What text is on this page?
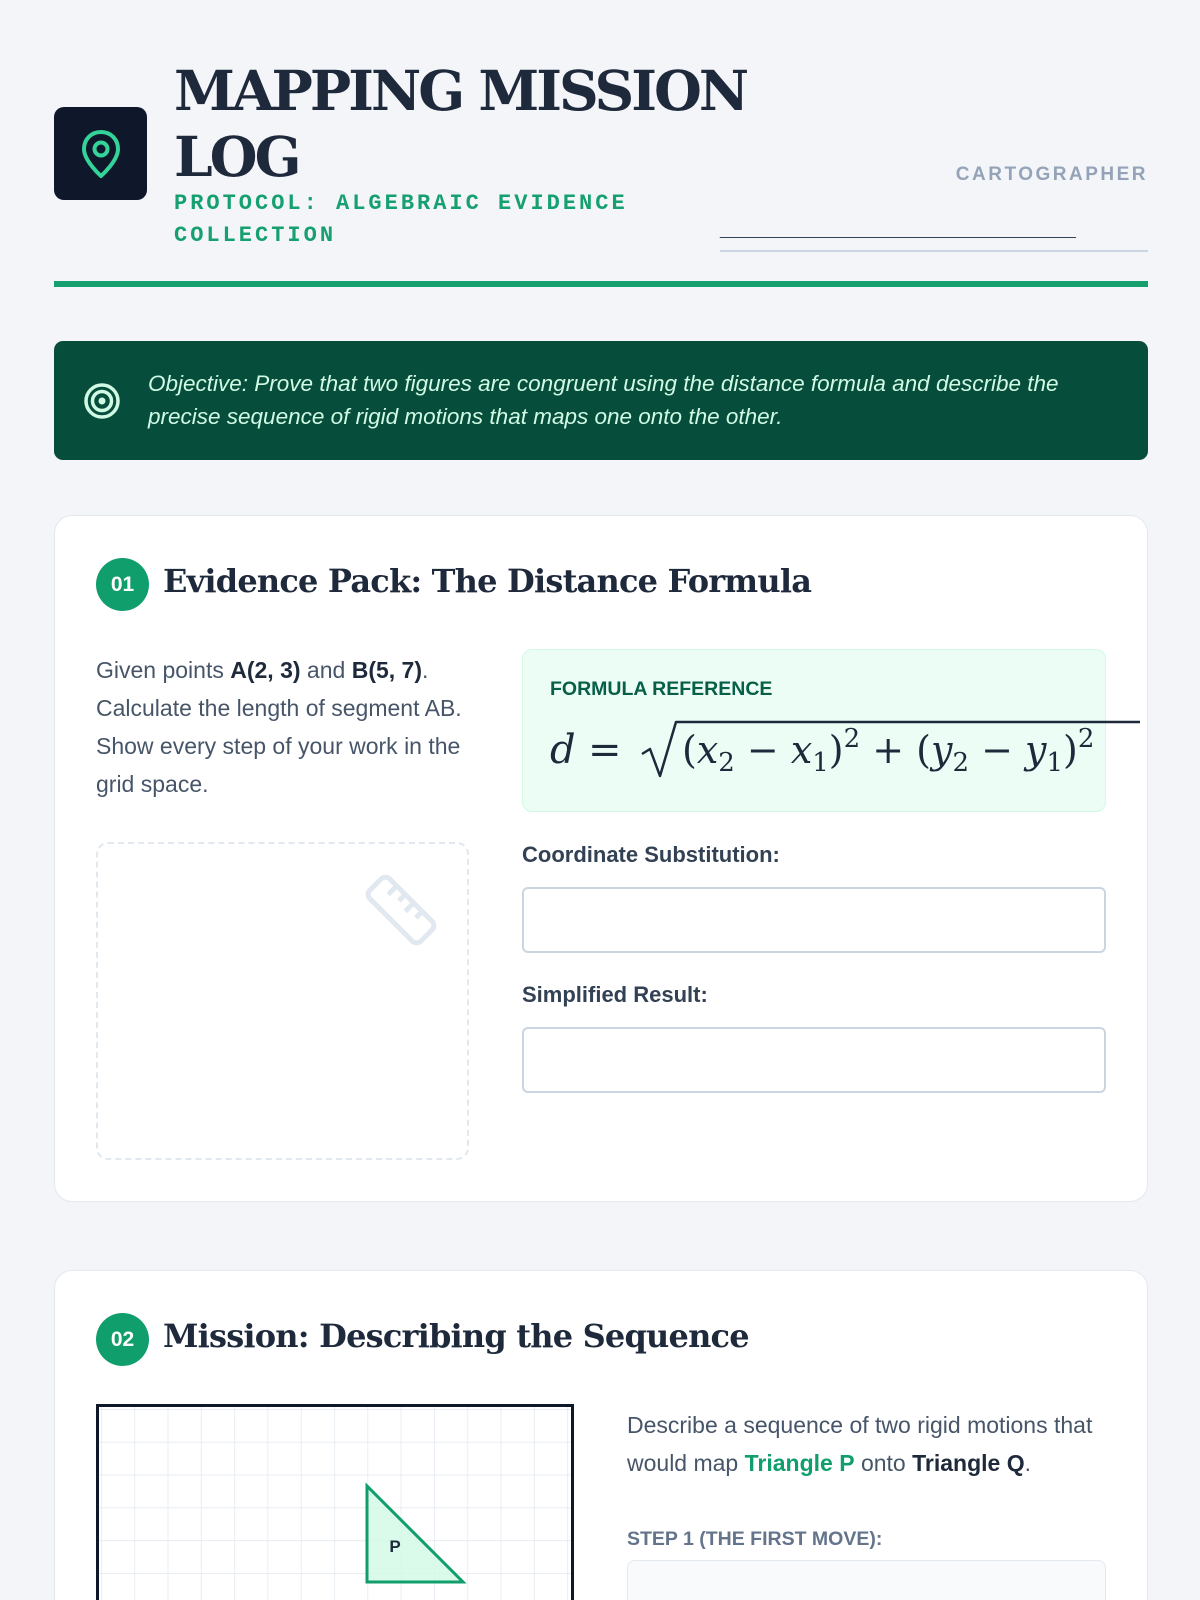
MAPPING MISSION LOG
PROTOCOL: ALGEBRAIC EVIDENCE COLLECTION
CARTOGRAPHER
________________________________________
Objective: Prove that two figures are congruent using the distance formula and describe the precise sequence of rigid motions that maps one onto the other.
01 Evidence Pack: The Distance Formula
Given points A(2, 3) and B(5, 7). Calculate the length of segment AB. Show every step of your work in the grid space.
FORMULA REFERENCE
$d = (x_2 - x_1)^2 + (y_2 - y_1)^2$
Coordinate Substitution:
Simplified Result:
02 Mission: Describing the Sequence
P
Describe a sequence of two rigid motions that would map Triangle P onto Triangle Q.
STEP 1 (THE FIRST MOVE):
